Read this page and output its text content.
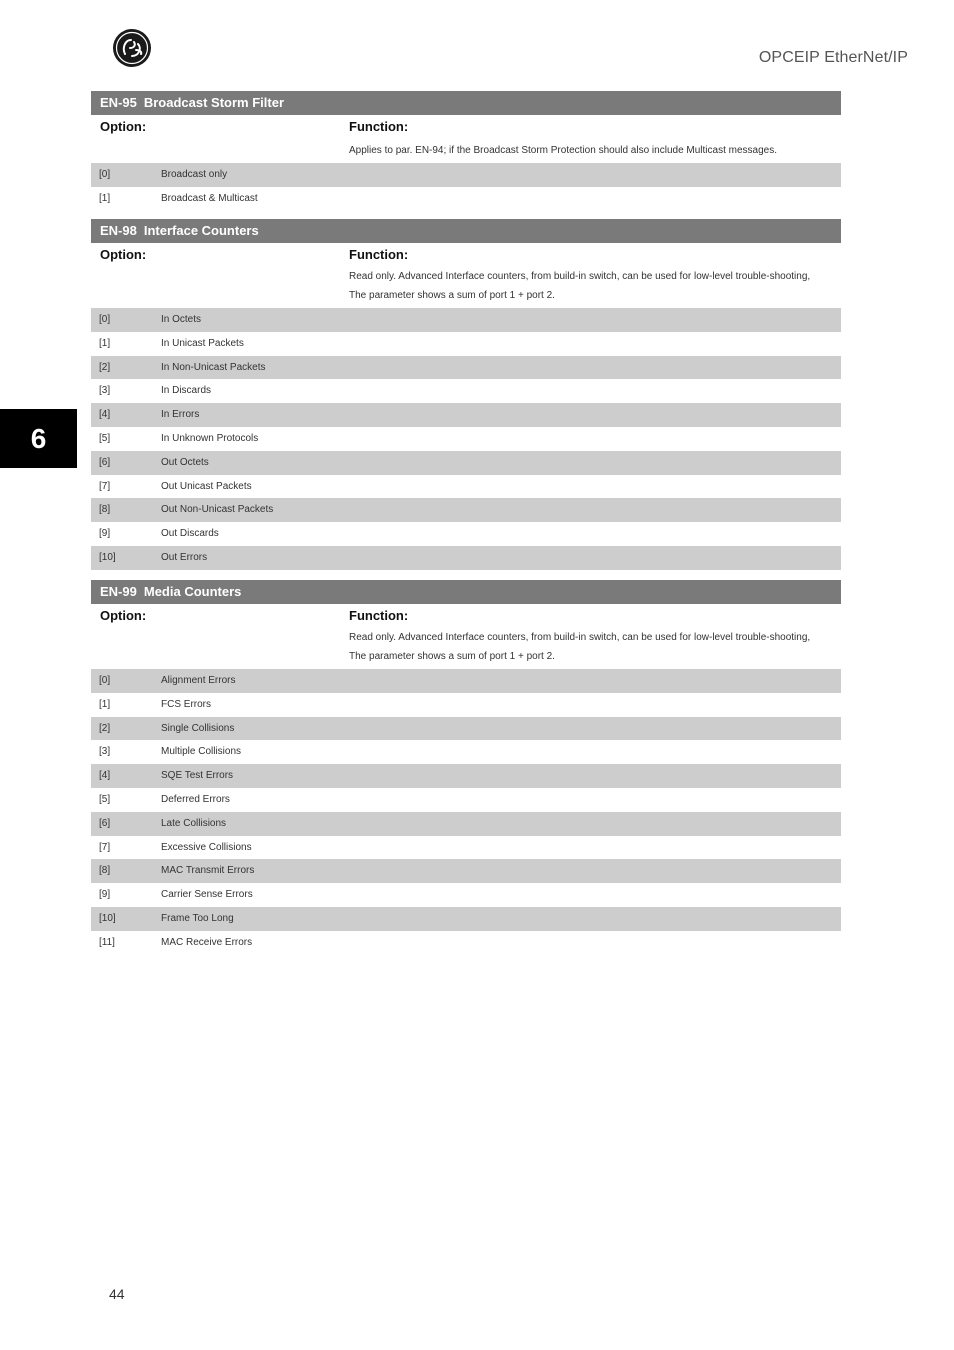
OPCEIP EtherNet/IP
6
EN-95 Broadcast Storm Filter
Option:	Function:
Applies to par. EN-94; if the Broadcast Storm Protection should also include Multicast messages.
[0]	Broadcast only
[1]	Broadcast & Multicast
EN-98 Interface Counters
Option:	Function:
Read only. Advanced Interface counters, from build-in switch, can be used for low-level trouble-shooting,
The parameter shows a sum of port 1 + port 2.
[0]	In Octets
[1]	In Unicast Packets
[2]	In Non-Unicast Packets
[3]	In Discards
[4]	In Errors
[5]	In Unknown Protocols
[6]	Out Octets
[7]	Out Unicast Packets
[8]	Out Non-Unicast Packets
[9]	Out Discards
[10]	Out Errors
EN-99 Media Counters
Option:	Function:
Read only. Advanced Interface counters, from build-in switch, can be used for low-level trouble-shooting,
The parameter shows a sum of port 1 + port 2.
[0]	Alignment Errors
[1]	FCS Errors
[2]	Single Collisions
[3]	Multiple Collisions
[4]	SQE Test Errors
[5]	Deferred Errors
[6]	Late Collisions
[7]	Excessive Collisions
[8]	MAC Transmit Errors
[9]	Carrier Sense Errors
[10]	Frame Too Long
[11]	MAC Receive Errors
44
